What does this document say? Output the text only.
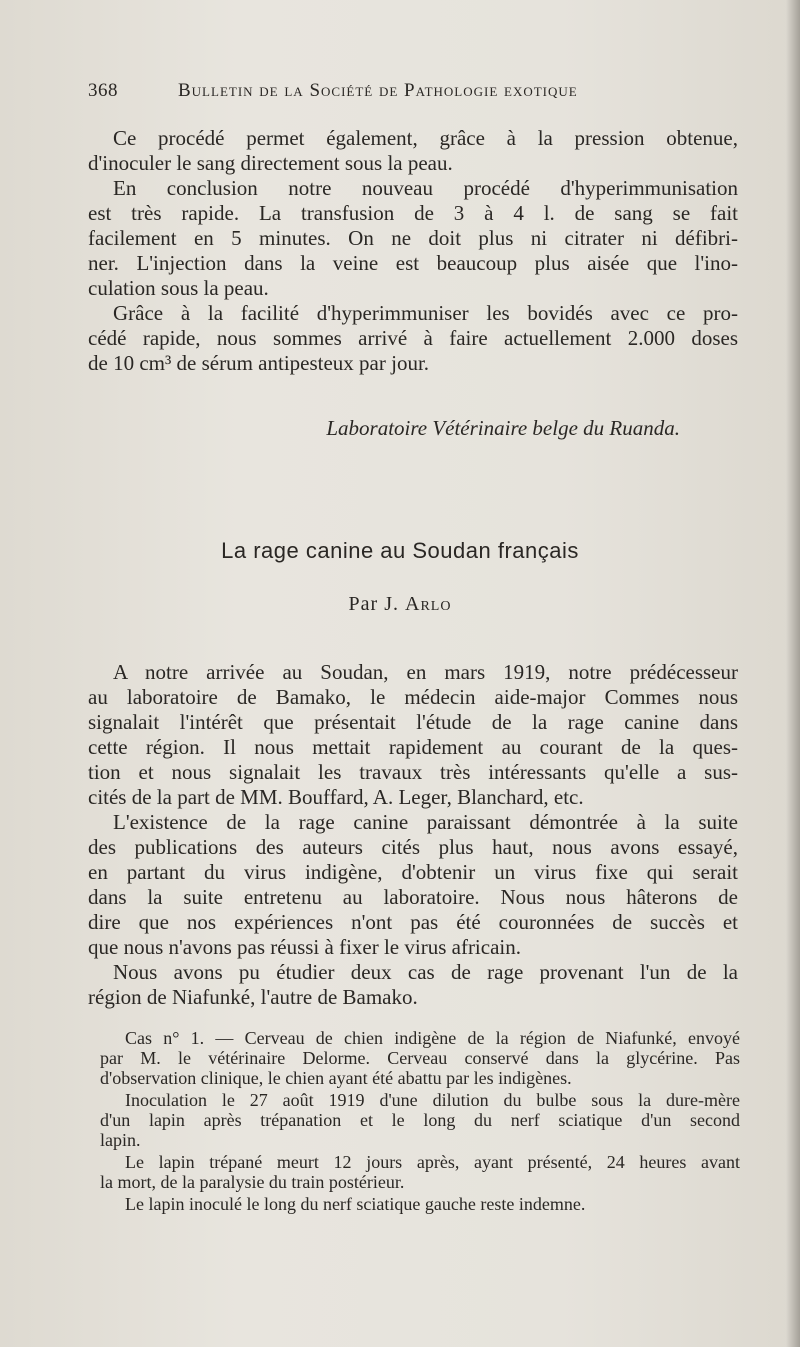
368	Bulletin de la Société de Pathologie exotique
Ce procédé permet également, grâce à la pression obtenue,
d'inoculer le sang directement sous la peau.
En conclusion notre nouveau procédé d'hyperimmunisation
est très rapide. La transfusion de 3 à 4 l. de sang se fait
facilement en 5 minutes. On ne doit plus ni citrater ni défibri-
ner. L'injection dans la veine est beaucoup plus aisée que l'ino-
culation sous la peau.
Grâce à la facilité d'hyperimmuniser les bovidés avec ce pro-
cédé rapide, nous sommes arrivé à faire actuellement 2.000 doses
de 10 cm³ de sérum antipesteux par jour.
Laboratoire Vétérinaire belge du Ruanda.
La rage canine au Soudan français
Par J. Arlo
A notre arrivée au Soudan, en mars 1919, notre prédécesseur
au laboratoire de Bamako, le médecin aide-major Commes nous
signalait l'intérêt que présentait l'étude de la rage canine dans
cette région. Il nous mettait rapidement au courant de la ques-
tion et nous signalait les travaux très intéressants qu'elle a sus-
cités de la part de MM. Bouffard, A. Leger, Blanchard, etc.
L'existence de la rage canine paraissant démontrée à la suite
des publications des auteurs cités plus haut, nous avons essayé,
en partant du virus indigène, d'obtenir un virus fixe qui serait
dans la suite entretenu au laboratoire. Nous nous hâterons de
dire que nos expériences n'ont pas été couronnées de succès et
que nous n'avons pas réussi à fixer le virus africain.
Nous avons pu étudier deux cas de rage provenant l'un de la
région de Niafunké, l'autre de Bamako.
Cas n° 1. — Cerveau de chien indigène de la région de Niafunké, envoyé
par M. le vétérinaire Delorme. Cerveau conservé dans la glycérine. Pas
d'observation clinique, le chien ayant été abattu par les indigènes.
Inoculation le 27 août 1919 d'une dilution du bulbe sous la dure-mère
d'un lapin après trépanation et le long du nerf sciatique d'un second
lapin.
Le lapin trépané meurt 12 jours après, ayant présenté, 24 heures avant
la mort, de la paralysie du train postérieur.
Le lapin inoculé le long du nerf sciatique gauche reste indemne.
